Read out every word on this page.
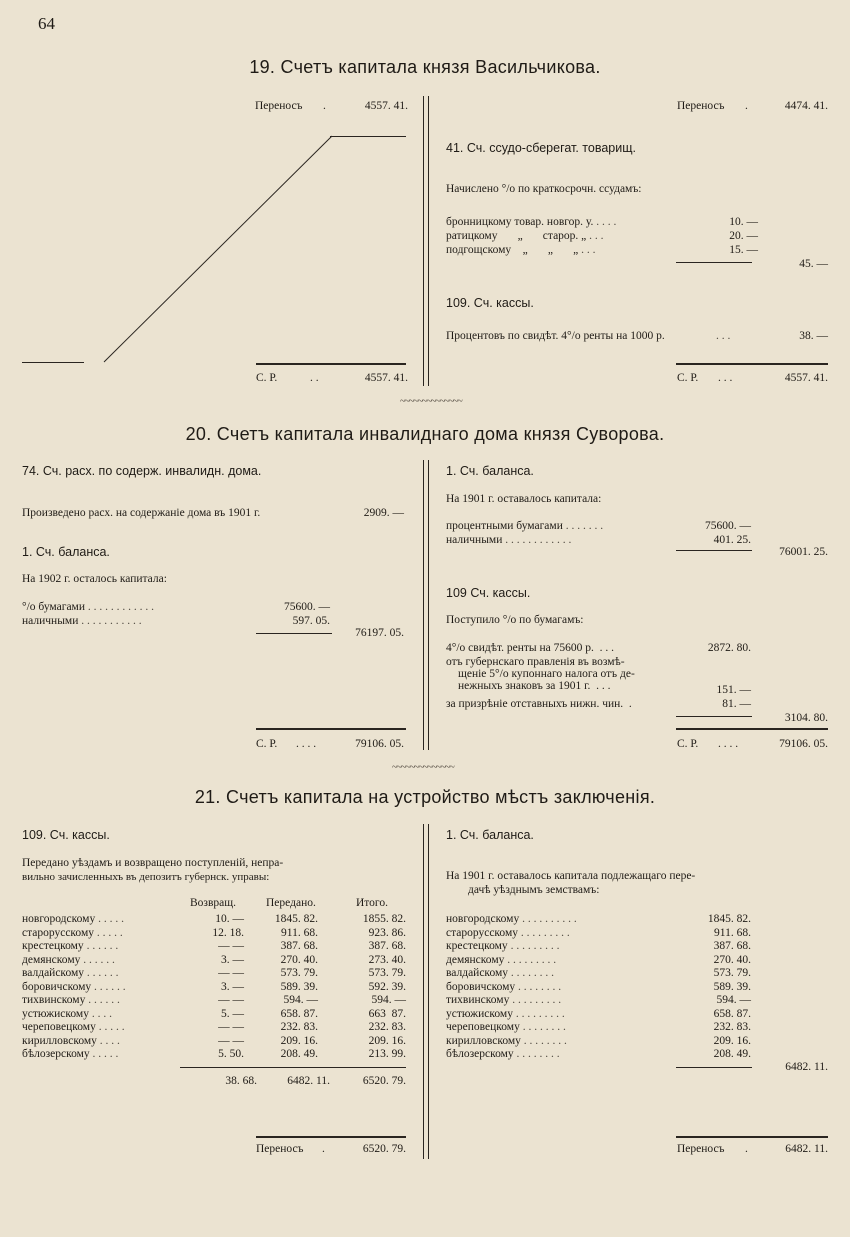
64
19. Счетъ капитала князя Васильчикова.
Переносъ .	4557. 41.
С. Р.	. .	4557. 41.
Переносъ .	4474. 41.
41. Сч. ссудо-сберегат. товарищ.
Начислено °/о по краткосрочн. ссудамъ:
бронницкому товар. новгор. у. . . . .	10. —
ратицкому       „       старор. „ . . .	20. —
подгощскому    „       „       „ . . .	15. —
45. —
109. Сч. кассы.
Процентовъ по свидѣт. 4°/о ренты на 1000 р.	. . .	38. —
С. Р. . . .	4557. 41.
~~~~~~~~~~~~~~
20. Счетъ капитала инвалиднаго дома князя Суворова.
74. Сч. расх. по содерж. инвалидн. дома.
Произведено расх. на содержаніе дома въ 1901 г.	2909. —
1. Сч. баланса.
На 1902 г. осталось капитала:
°/о бумагами . . . . . . . . . . . .	75600. —
наличными . . . . . . . . . . .	597. 05.
76197. 05.
С. Р. . . . .	79106. 05.
1. Сч. баланса.
На 1901 г. оставалось капитала:
процентными бумагами . . . . . . .	75600. —
наличными . . . . . . . . . . . .	401. 25.
76001. 25.
109 Сч. кассы.
Поступило °/о по бумагамъ:
4°/о свидѣт. ренты на 75600 р.  . . .	2872. 80.
отъ губернскаго правленія въ возмѣ-
щеніе 5°/о купоннаго налога отъ де-
нежныхъ знаковъ за 1901 г.  . . .	151. —
за призрѣніе отставныхъ нижн. чин.  .	81. —
3104. 80.
С. Р. . . . .	79106. 05.
~~~~~~~~~~~~~~
21. Счетъ капитала на устройство мѣстъ заключенія.
109. Сч. кассы.
Передано уѣздамъ и возвращено поступленій, непра-
вильно зачисленныхъ въ депозитъ губернск. управы:
Возвращ.	Передано.	Итого.
новгородскому . . . . .	10. —	1845. 82.	1855. 82.
старорусскому . . . . .	12. 18.	911. 68.	923. 86.
крестецкому . . . . . .	— —	387. 68.	387. 68.
демянскому . . . . . .	3. —	270. 40.	273. 40.
валдайскому . . . . . .	— —	573. 79.	573. 79.
боровичскому . . . . . .	3. —	589. 39.	592. 39.
тихвинскому . . . . . .	— —	594. —	594. —
устюжискому . . . .	5. —	658. 87.	663  87.
череповецкому . . . . .	— —	232. 83.	232. 83.
кирилловскому . . . .	— —	209. 16.	209. 16.
бѣлозерскому . . . . .	5. 50.	208. 49.	213. 99.
38. 68.	6482. 11.	6520. 79.
Переносъ .	6520. 79.
1. Сч. баланса.
На 1901 г. оставалось капитала подлежащаго пере-
дачѣ уѣзднымъ земствамъ:
новгородскому . . . . . . . . . .	1845. 82.
старорусскому . . . . . . . . .	911. 68.
крестецкому . . . . . . . . .	387. 68.
демянскому . . . . . . . . .	270. 40.
валдайскому . . . . . . . .	573. 79.
боровичскому . . . . . . . .	589. 39.
тихвинскому . . . . . . . . .	594. —
устюжискому . . . . . . . . .	658. 87.
череповецкому . . . . . . . .	232. 83.
кирилловскому . . . . . . . .	209. 16.
бѣлозерскому . . . . . . . .	208. 49.
6482. 11.
Переносъ .	6482. 11.
